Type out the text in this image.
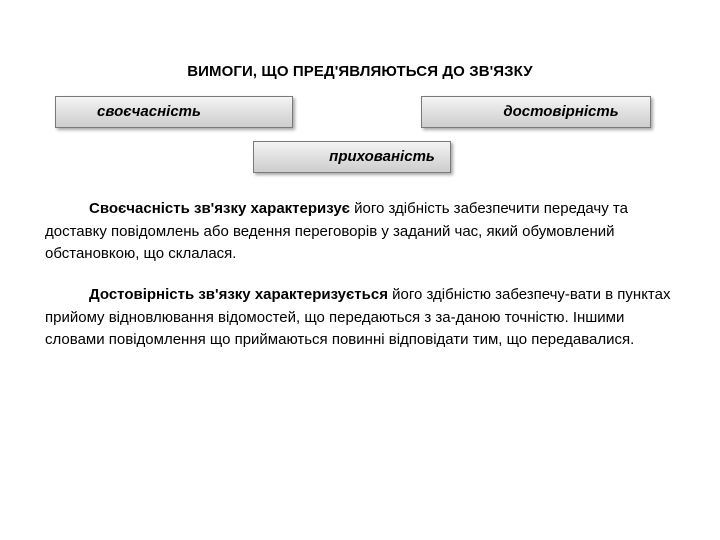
ВИМОГИ, ЩО ПРЕД'ЯВЛЯЮТЬСЯ ДО ЗВ'ЯЗКУ
своєчасність	достовірність
прихованість

Своєчасність зв'язку характеризує його здібність забезпечити передачу та доставку повідомлень або ведення переговорів у заданий час, який обумовлений обстановкою, що склалася.

Достовірність зв'язку характеризується його здібністю забезпечу-вати в пунктах прийому відновлювання відомостей, що передаються з за-даною точністю. Іншими словами повідомлення що приймаються повинні відповідати тим, що передавалися.
